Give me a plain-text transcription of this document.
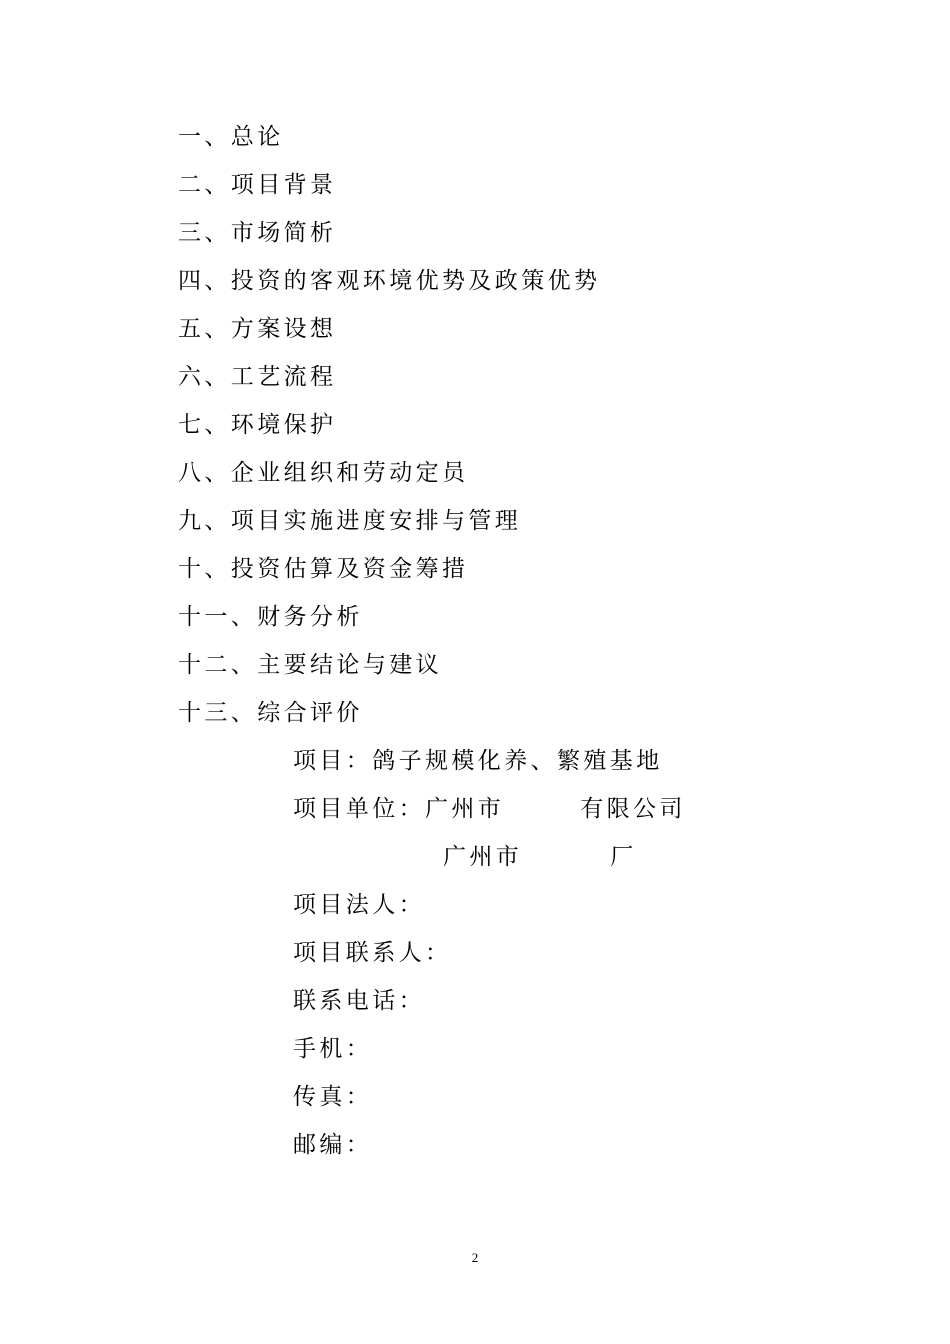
一、总论
二、项目背景
三、市场简析
四、投资的客观环境优势及政策优势
五、方案设想
六、工艺流程
七、环境保护
八、企业组织和劳动定员
九、项目实施进度安排与管理
十、投资估算及资金筹措
十一、财务分析
十二、主要结论与建议
十三、综合评价
项目：鸽子规模化养、繁殖基地
项目单位：广州市	有限公司
广州市	厂
项目法人：
项目联系人：
联系电话：
手机：
传真：
邮编：
2
